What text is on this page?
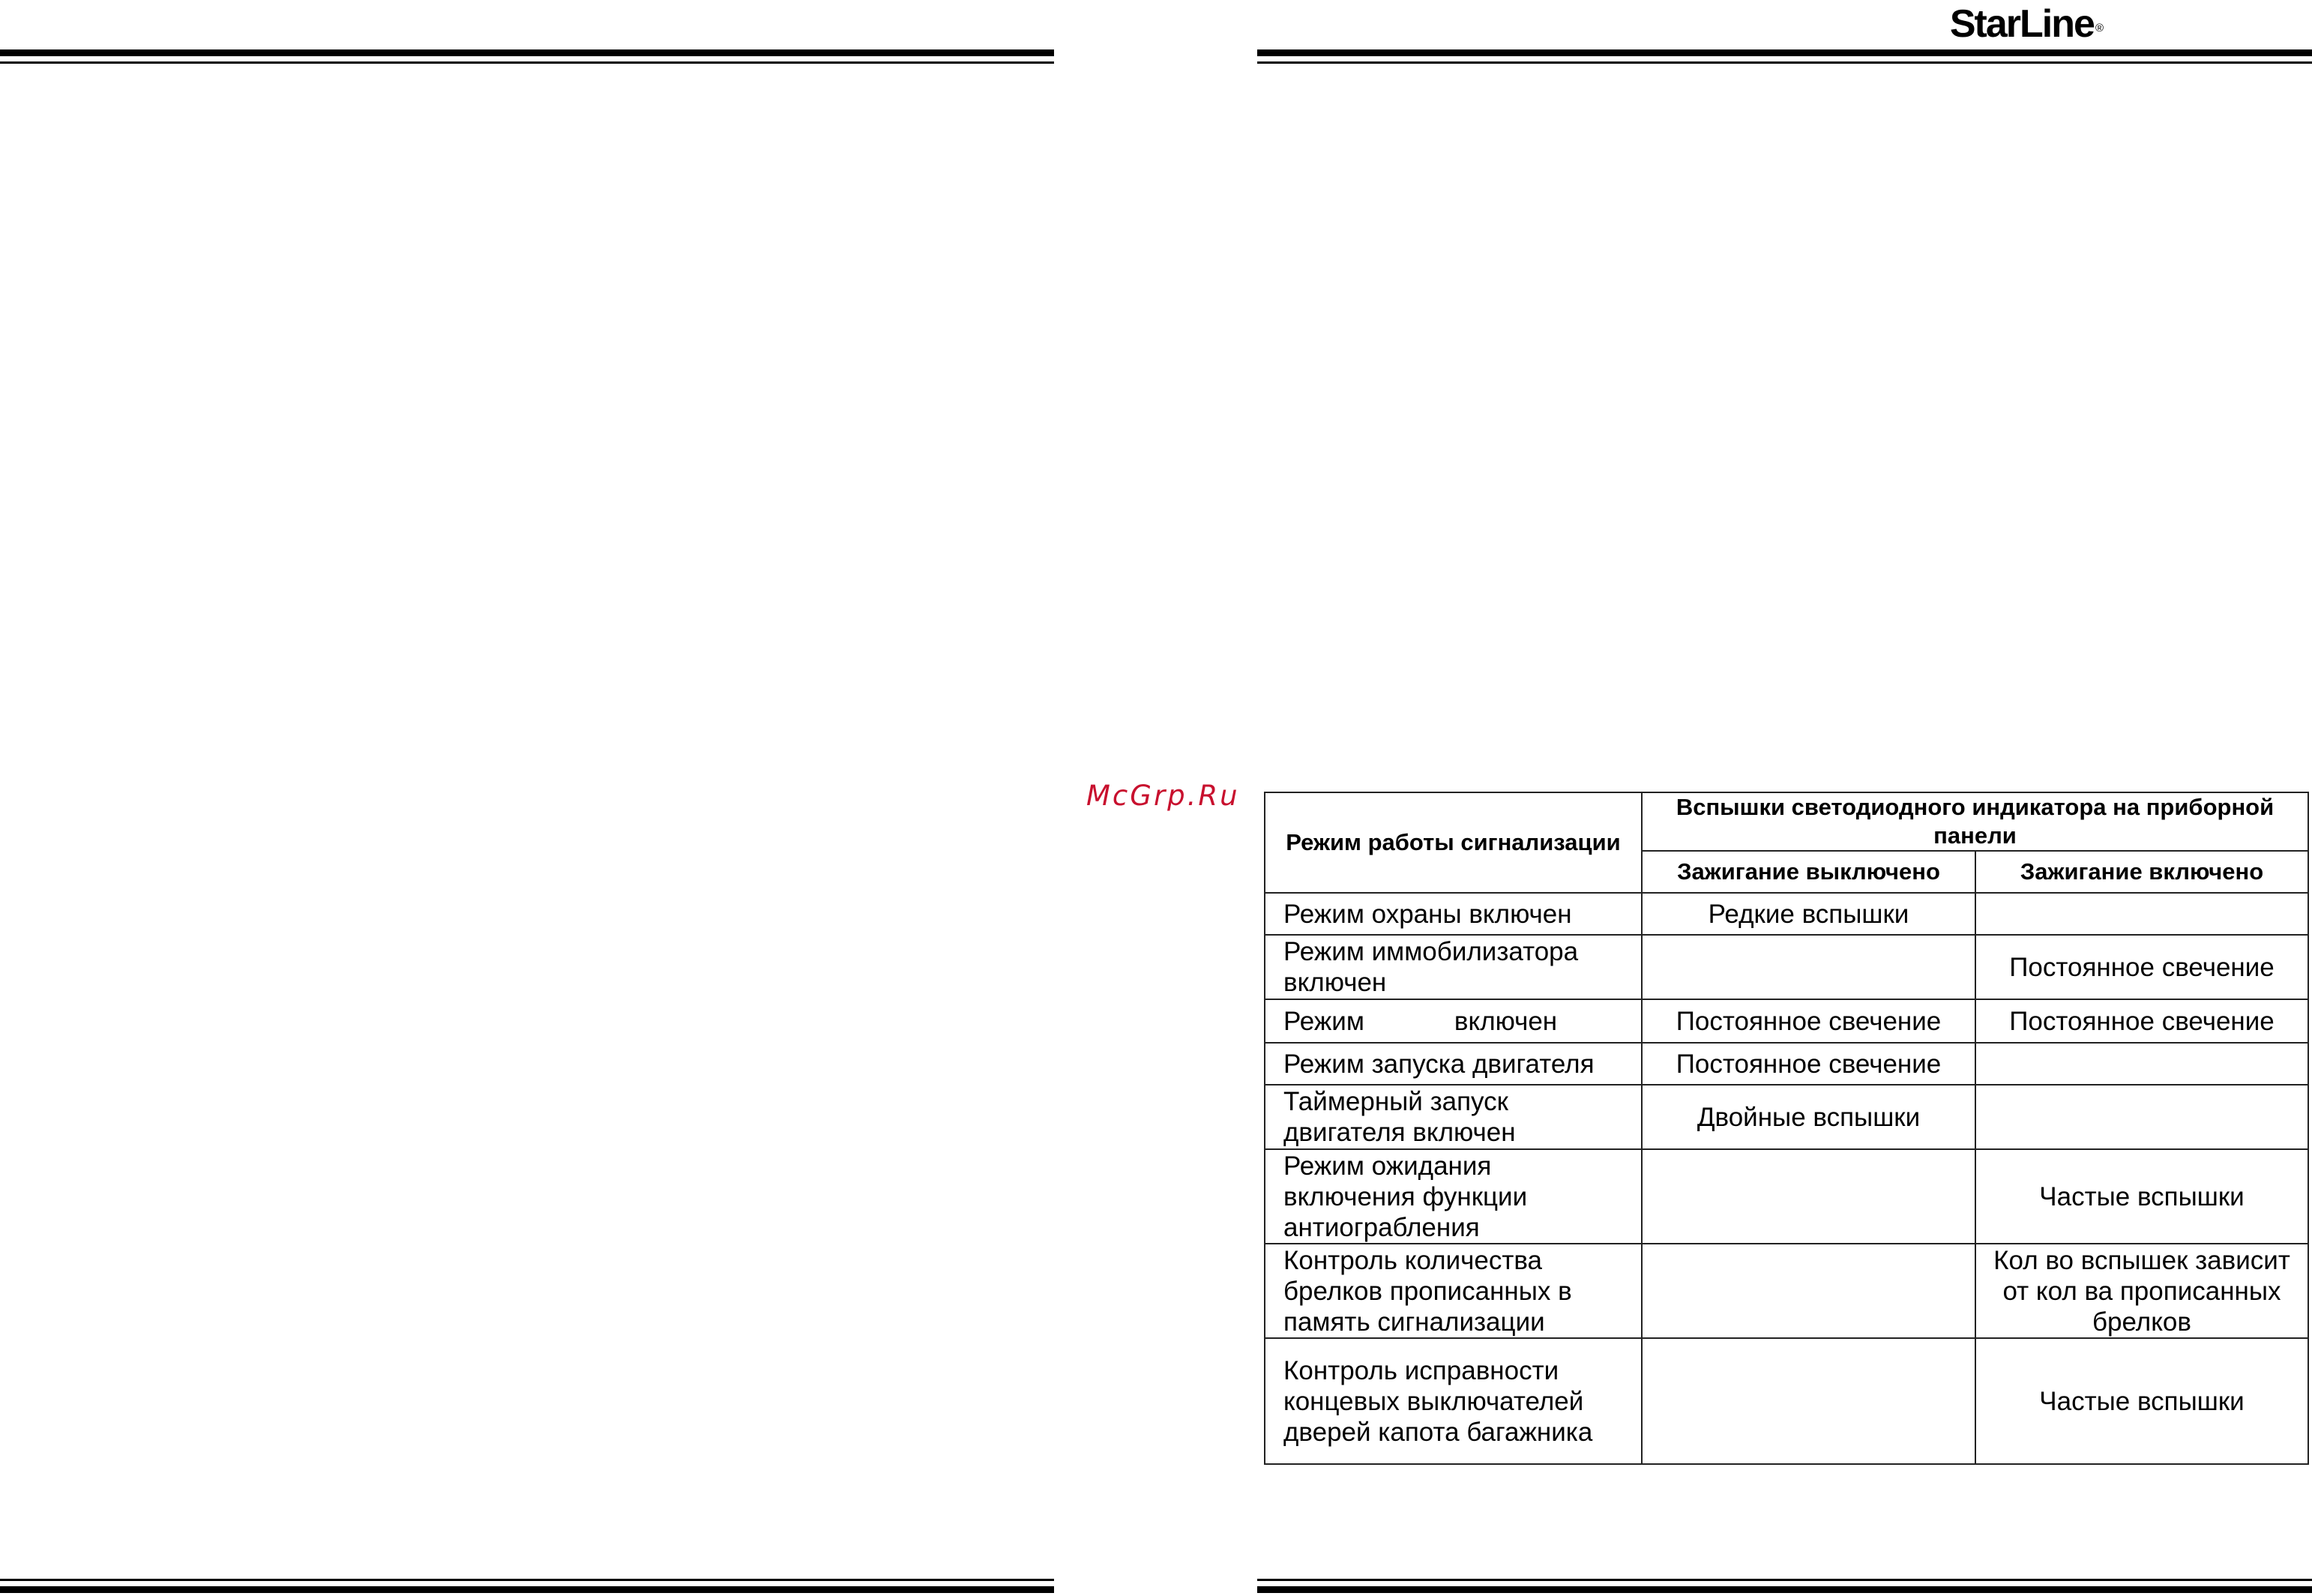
StarLine ®
McGrp.Ru
Режим работы сигнализации	Вспышки светодиодного индикатора на приборной панели	
	Зажигание выключено	Зажигание включено
Режим охраны включен	Редкие вспышки	
Режим иммобилизатора включен		Постоянное свечение
Режим включен	Постоянное свечение	Постоянное свечение
Режим запуска двигателя	Постоянное свечение	
Таймерный запуск двигателя включен	Двойные вспышки	
Режим ожидания включения функции антиограбления		Частые вспышки
Контроль количества брелков прописанных в память сигнализации		Кол во вспышек зависит от кол ва прописанных брелков
Контроль исправности концевых выключателей дверей капота багажника		Частые вспышки
